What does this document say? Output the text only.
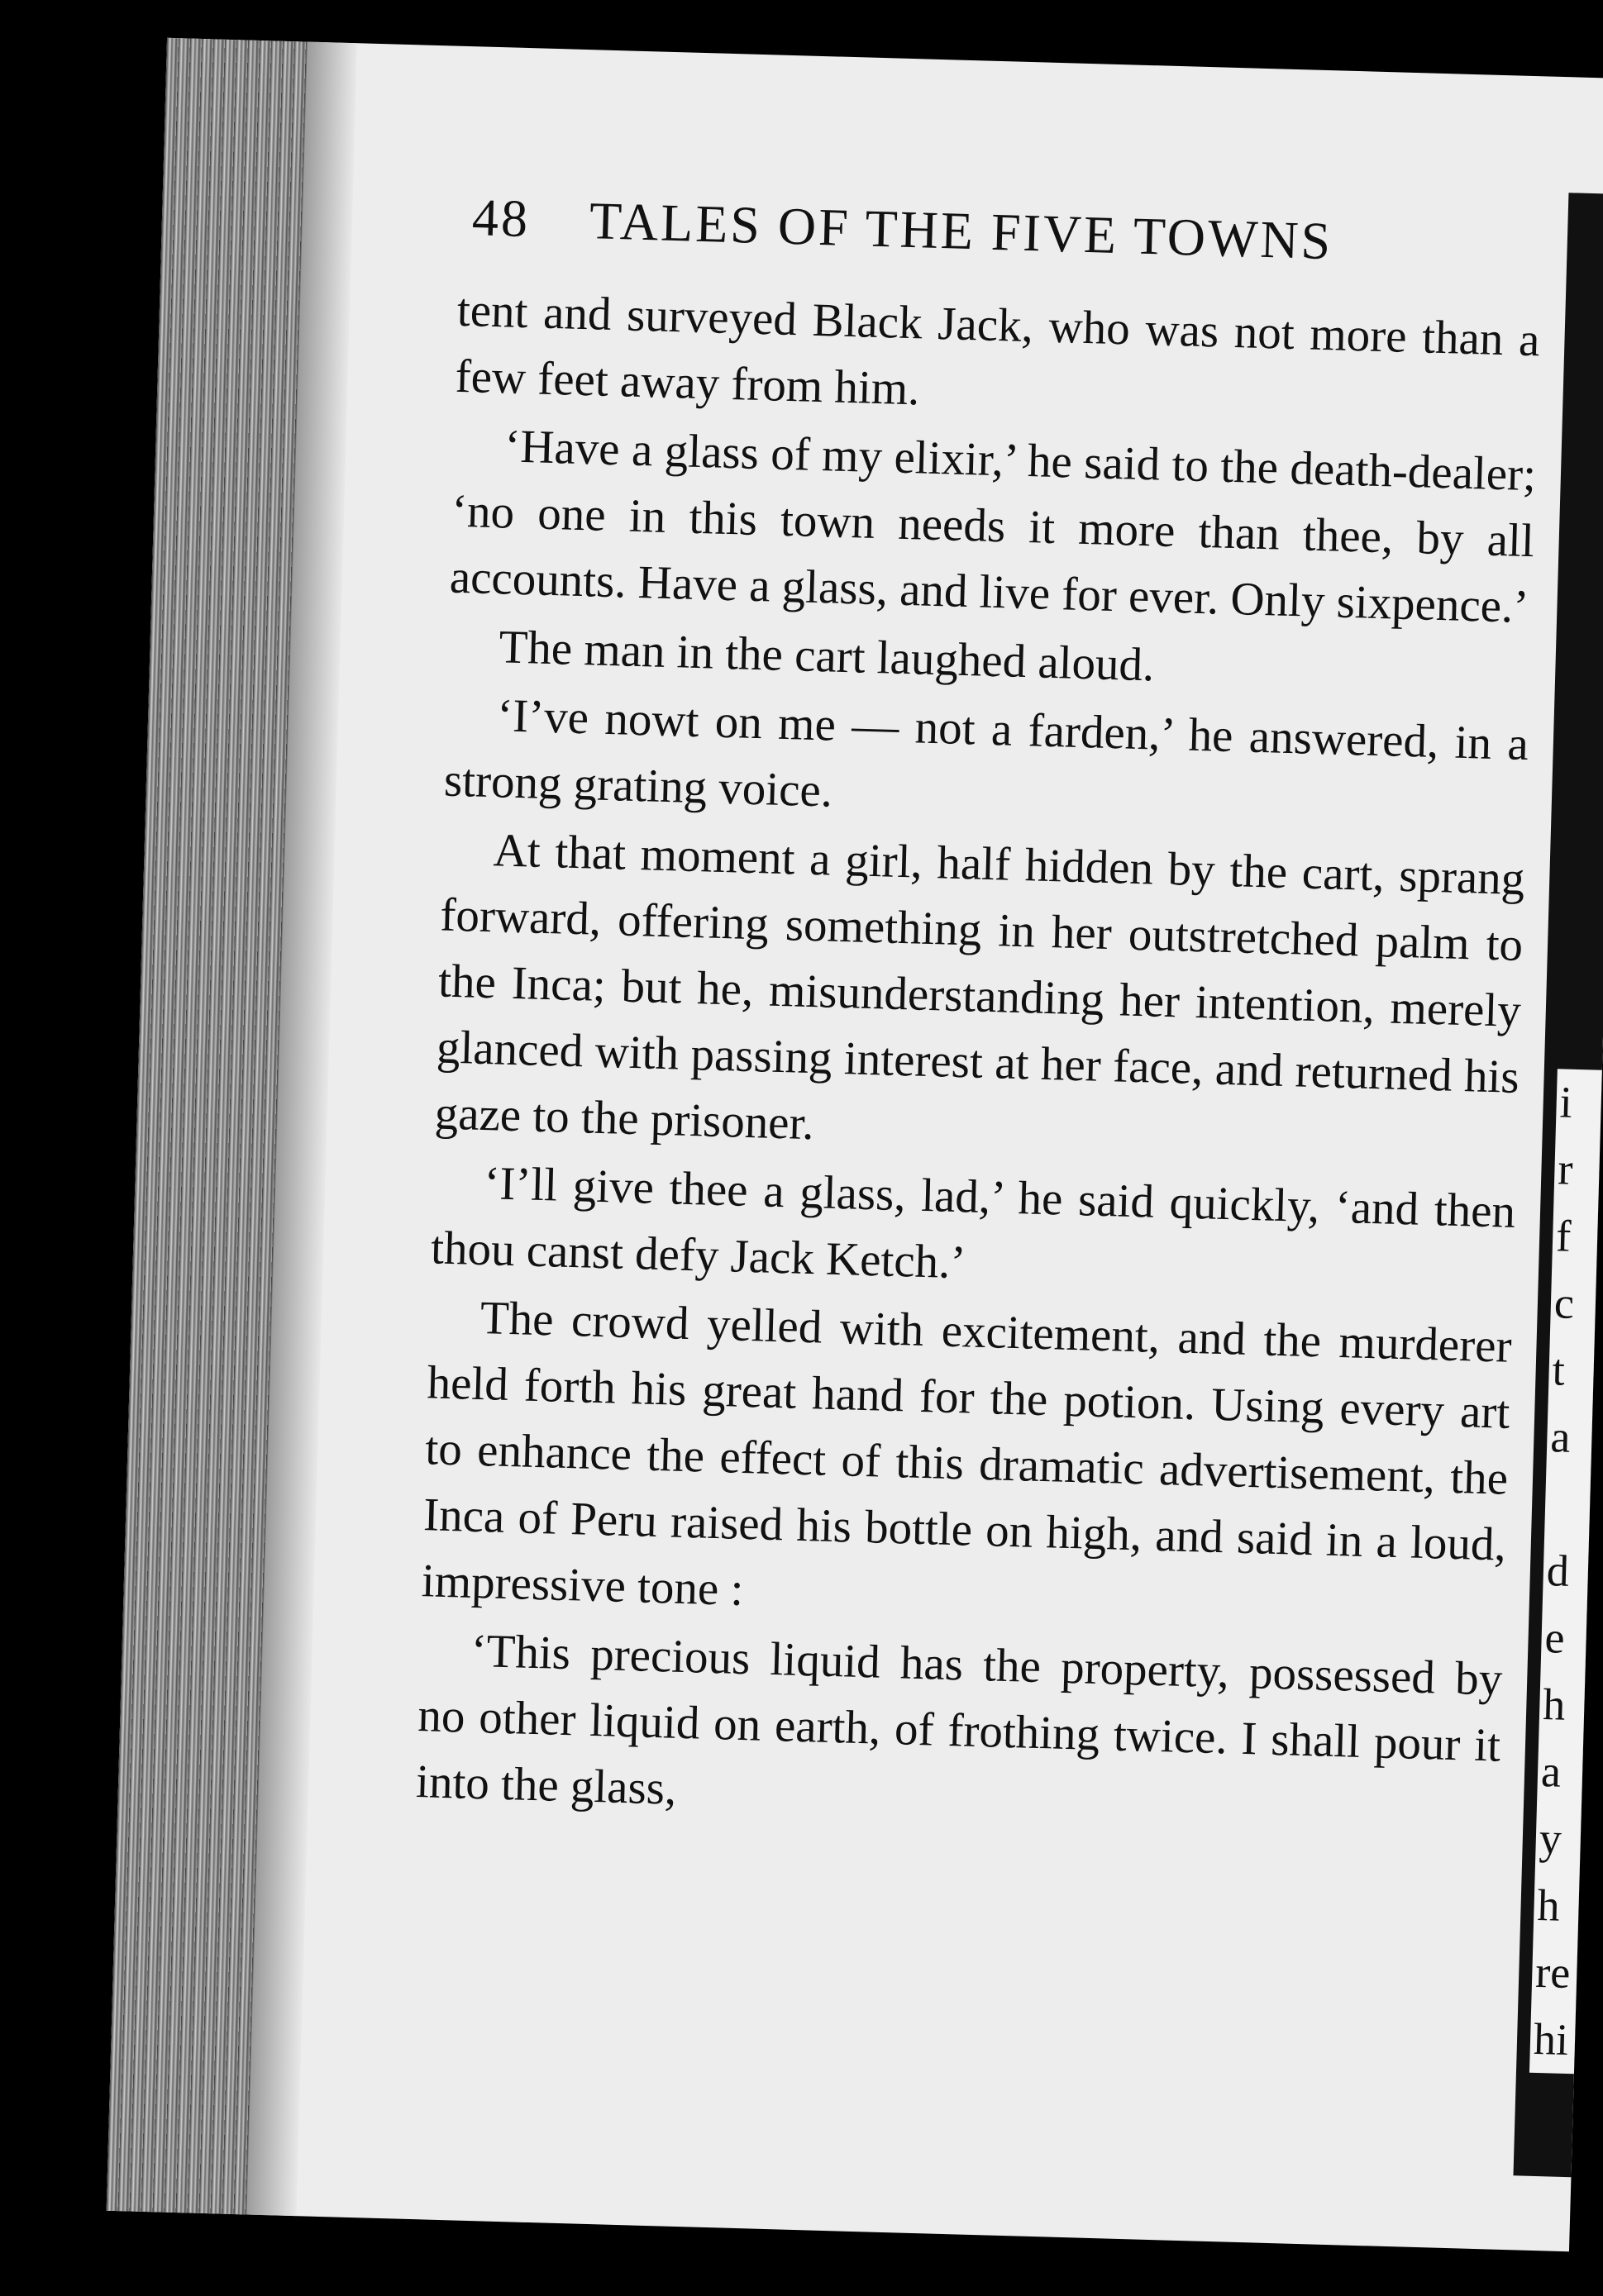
48 TALES OF THE FIVE TOWNS

tent and surveyed Black Jack, who was not more than a few feet away from him.

‘Have a glass of my elixir,’ he said to the death-dealer; ‘no one in this town needs it more than thee, by all accounts. Have a glass, and live for ever. Only sixpence.’

The man in the cart laughed aloud.

‘I’ve nowt on me — not a farden,’ he answered, in a strong grating voice.

At that moment a girl, half hidden by the cart, sprang forward, offering something in her outstretched palm to the Inca; but he, misunderstanding her intention, merely glanced with passing interest at her face, and returned his gaze to the prisoner.

‘I’ll give thee a glass, lad,’ he said quickly, ‘and then thou canst defy Jack Ketch.’

The crowd yelled with excitement, and the murderer held forth his great hand for the potion. Using every art to enhance the effect of this dramatic advertisement, the Inca of Peru raised his bottle on high, and said in a loud, impressive tone :

‘This precious liquid has the property, possessed by no other liquid on earth, of frothing twice. I shall pour it into the glass,

i
r
f
c
t
a

d
e
h
a
y
h
re
hi
